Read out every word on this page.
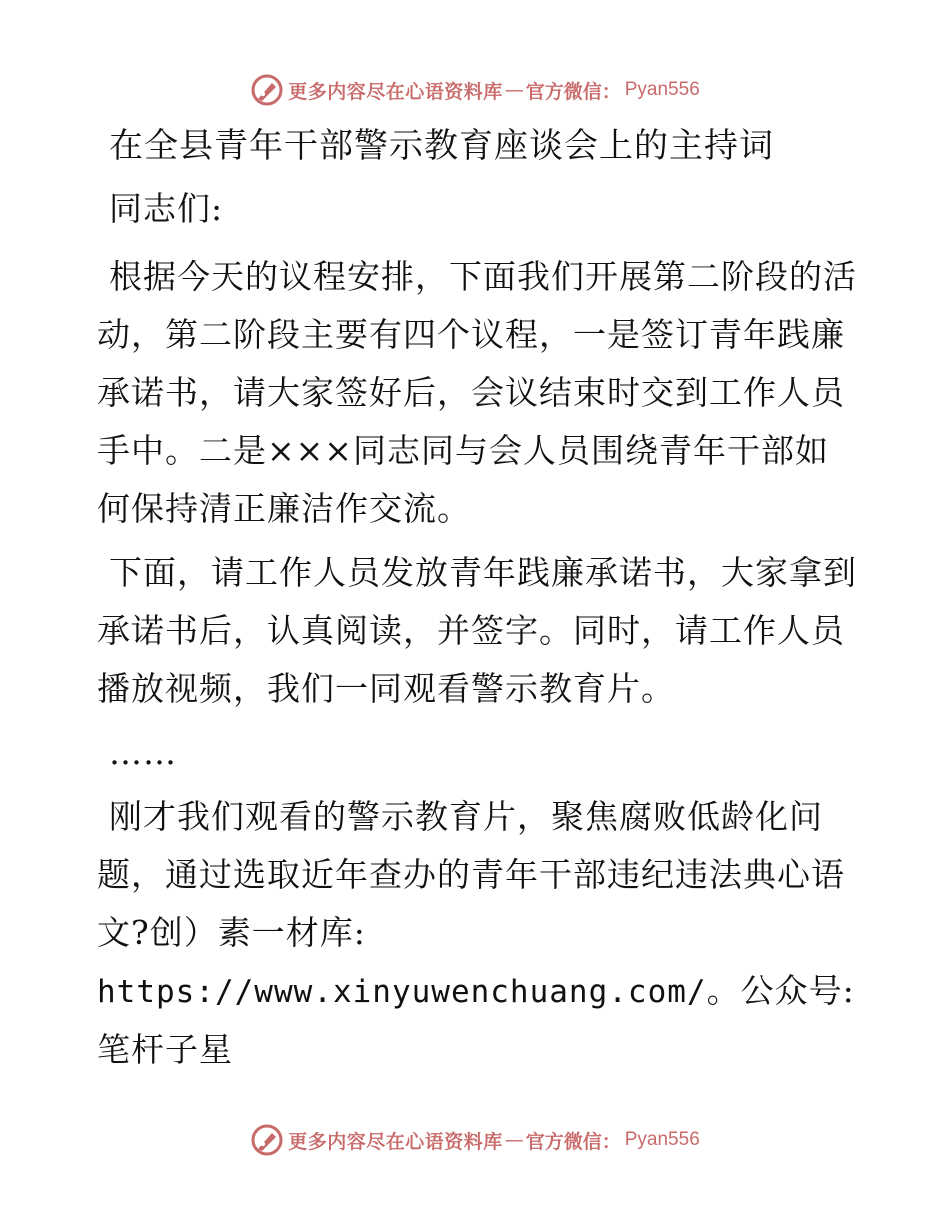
更多内容尽在心语资料库 — 官方微信： Pyan556
在全县青年干部警示教育座谈会上的主持词

同志们:

根据今天的议程安排，下面我们开展第二阶段的活动，第二阶段主要有四个议程，一是签订青年践廉承诺书，请大家签好后，会议结束时交到工作人员手中。二是×××同志同与会人员围绕青年干部如何保持清正廉洁作交流。

下面，请工作人员发放青年践廉承诺书，大家拿到承诺书后，认真阅读，并签字。同时，请工作人员播放视频，我们一同观看警示教育片。

……

刚才我们观看的警示教育片，聚焦腐败低龄化问题，通过选取近年查办的青年干部违纪违法典心语文?创）素一材库: https://www.xinyuwenchuang.com/。公众号: 笔杆子星

更多内容尽在心语资料库 — 官方微信： Pyan556
